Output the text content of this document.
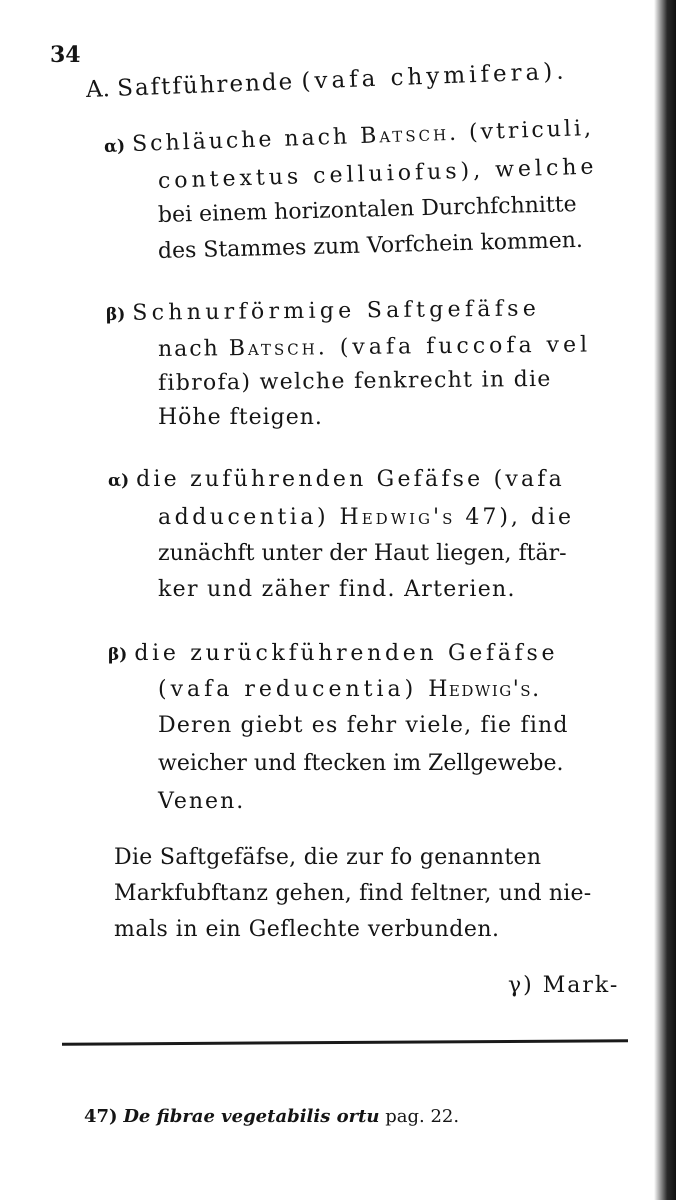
34
A. Saftführende (vafa chymifera).
α) Schläuche nach Batsch. (vtriculi,
contextus celluiofus), welche
bei einem horizontalen Durchfchnitte
des Stammes zum Vorfchein kommen.
β) Schnurförmige Saftgefäfse
nach Batsch. (vafa fuccofa vel
fibrofa) welche fenkrecht in die
Höhe fteigen.
α) die zuführenden Gefäfse (vafa
adducentia) Hedwig's 47), die
zunächft unter der Haut liegen, ftär-
ker und zäher find. Arterien.
β) die zurückführenden Gefäfse
(vafa reducentia) Hedwig's.
Deren giebt es fehr viele, fie find
weicher und ftecken im Zellgewebe.
Venen.
Die Saftgefäfse, die zur fo genannten
Markfubftanz gehen, find feltner, und nie-
mals in ein Geflechte verbunden.
γ) Mark-
47) De fibrae vegetabilis ortu pag. 22.
